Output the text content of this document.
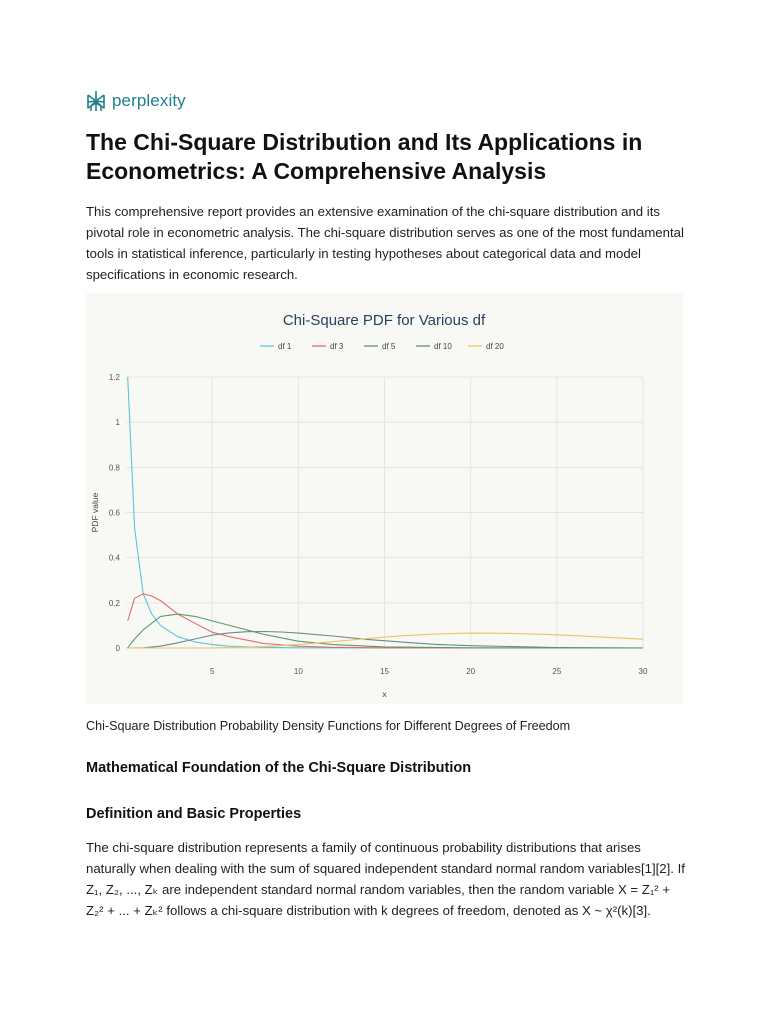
perplexity
The Chi-Square Distribution and Its Applications in Econometrics: A Comprehensive Analysis

This comprehensive report provides an extensive examination of the chi-square distribution and its pivotal role in econometric analysis. The chi-square distribution serves as one of the most fundamental tools in statistical inference, particularly in testing hypotheses about categorical data and model specifications in economic research.

Chi-Square PDF for Various df
df 1	df 3	df 5	df 10	df 20
5	10	15	20	25	30
0
0.2
0.4
0.6
0.8
1
1.2
x
PDF value

Chi-Square Distribution Probability Density Functions for Different Degrees of Freedom

Mathematical Foundation of the Chi-Square Distribution
Definition and Basic Properties

The chi-square distribution represents a family of continuous probability distributions that arises naturally when dealing with the sum of squared independent standard normal random variables[1][2]. If Z₁, Z₂, ..., Zₖ are independent standard normal random variables, then the random variable X = Z₁² + Z₂² + ... + Zₖ² follows a chi-square distribution with k degrees of freedom, denoted as X ~ χ²(k)[3].
